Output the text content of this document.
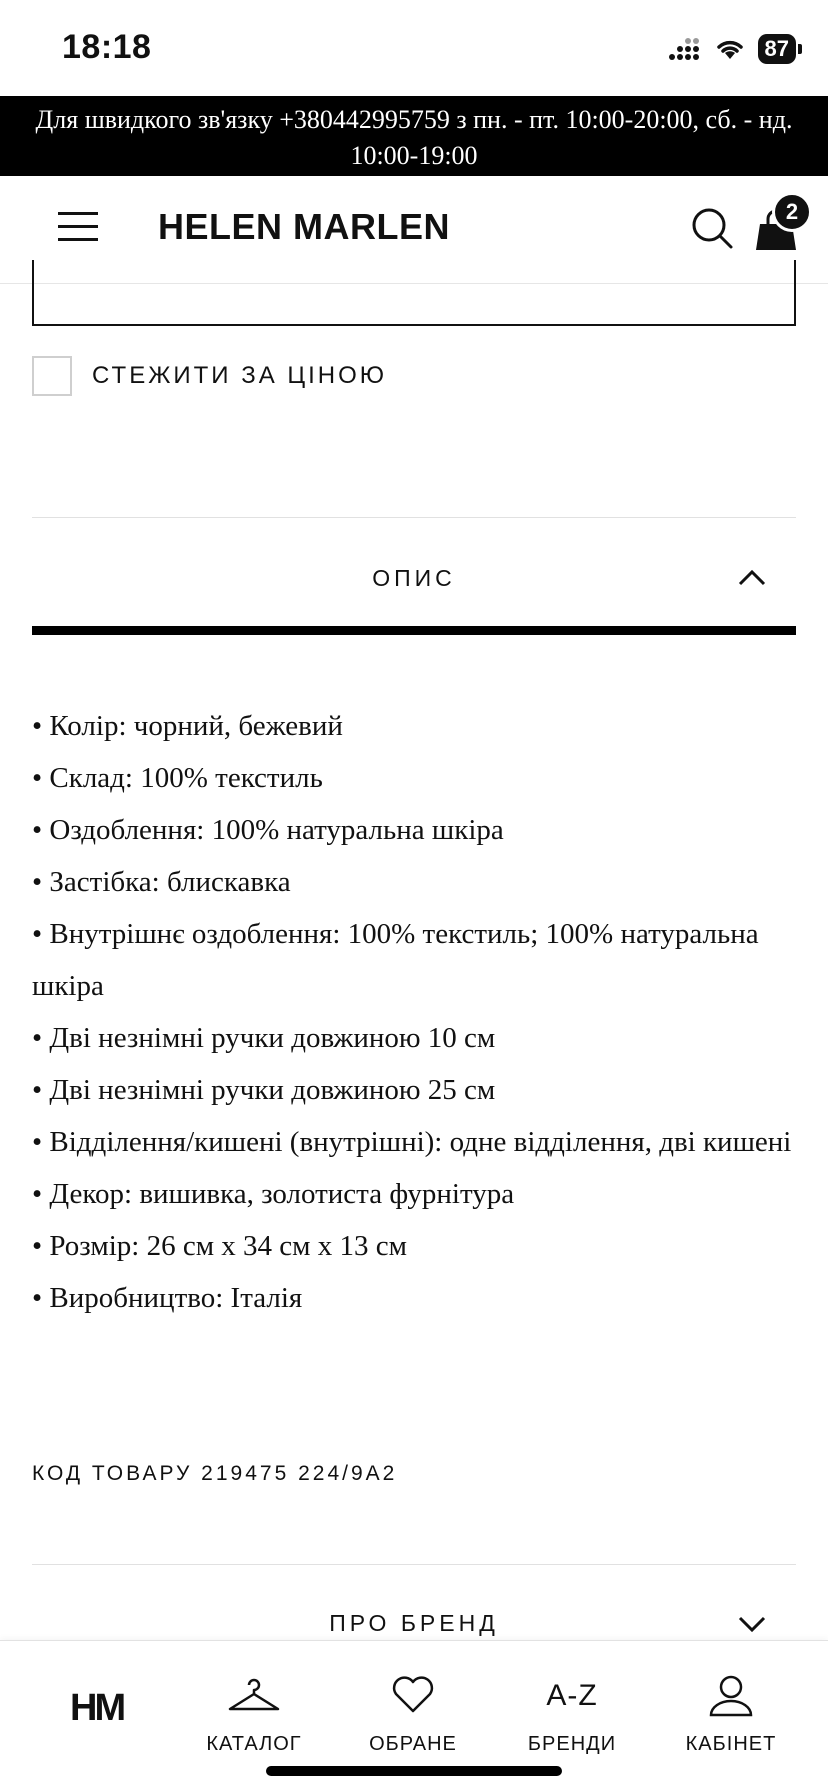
18:18	87
Для швидкого зв'язку +380442995759 з пн. - пт. 10:00-20:00, сб. - нд. 10:00-19:00
HELEN MARLEN	2
СТЕЖИТИ ЗА ЦІНОЮ
ОПИС
• Колір: чорний, бежевий
• Склад: 100% текстиль
• Оздоблення: 100% натуральна шкіра
• Застібка: блискавка
• Внутрішнє оздоблення: 100% текстиль; 100% натуральна шкіра
• Дві незнімні ручки довжиною 10 см
• Дві незнімні ручки довжиною 25 см
• Відділення/кишені (внутрішні): одне відділення, дві кишені
• Декор: вишивка, золотиста фурнітура
• Розмір: 26 см x 34 см x 13 см
• Виробництво: Італія
КОД ТОВАРУ 219475 224/9A2
ПРО БРЕНД
HM
КАТАЛОГ	ОБРАНЕ
A-Z
БРЕНДИ	КАБІНЕТ
